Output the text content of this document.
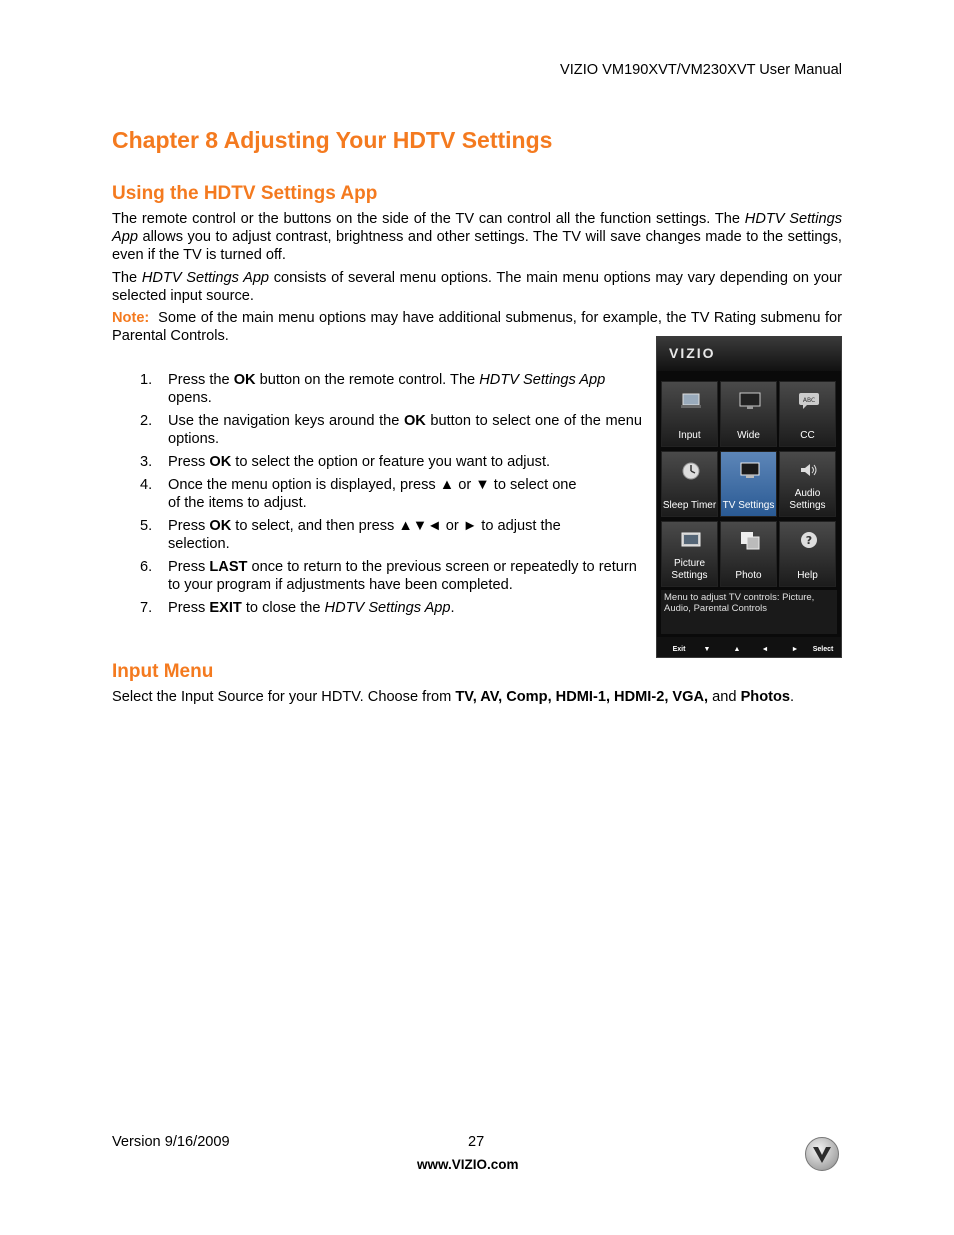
VIZIO VM190XVT/VM230XVT User Manual
Chapter 8 Adjusting Your HDTV Settings
Using the HDTV Settings App
The remote control or the buttons on the side of the TV can control all the function settings. The HDTV Settings App allows you to adjust contrast, brightness and other settings. The TV will save changes made to the settings, even if the TV is turned off.
The HDTV Settings App consists of several menu options. The main menu options may vary depending on your selected input source.
Note:  Some of the main menu options may have additional submenus, for example, the TV Rating submenu for Parental Controls.
1. Press the OK button on the remote control. The HDTV Settings App opens.
2. Use the navigation keys around the OK button to select one of the menu options.
3. Press OK to select the option or feature you want to adjust.
4. Once the menu option is displayed, press ▲ or ▼ to select one of the items to adjust.
5. Press OK to select, and then press ▲▼◄ or ► to adjust the selection.
6. Press LAST once to return to the previous screen or repeatedly to return to your program if adjustments have been completed.
7. Press EXIT to close the HDTV Settings App.
VIZIO
Input	Wide
ABC
CC
Sleep Timer TV Settings
Audio Settings
Picture Settings	Photo
?
Help
Menu to adjust TV controls: Picture, Audio, Parental Controls
Exit	▼	▲	◄	►	Select
Input Menu
Select the Input Source for your HDTV. Choose from TV, AV, Comp, HDMI-1, HDMI-2, VGA, and Photos.
Version 9/16/2009	27
www.VIZIO.com
